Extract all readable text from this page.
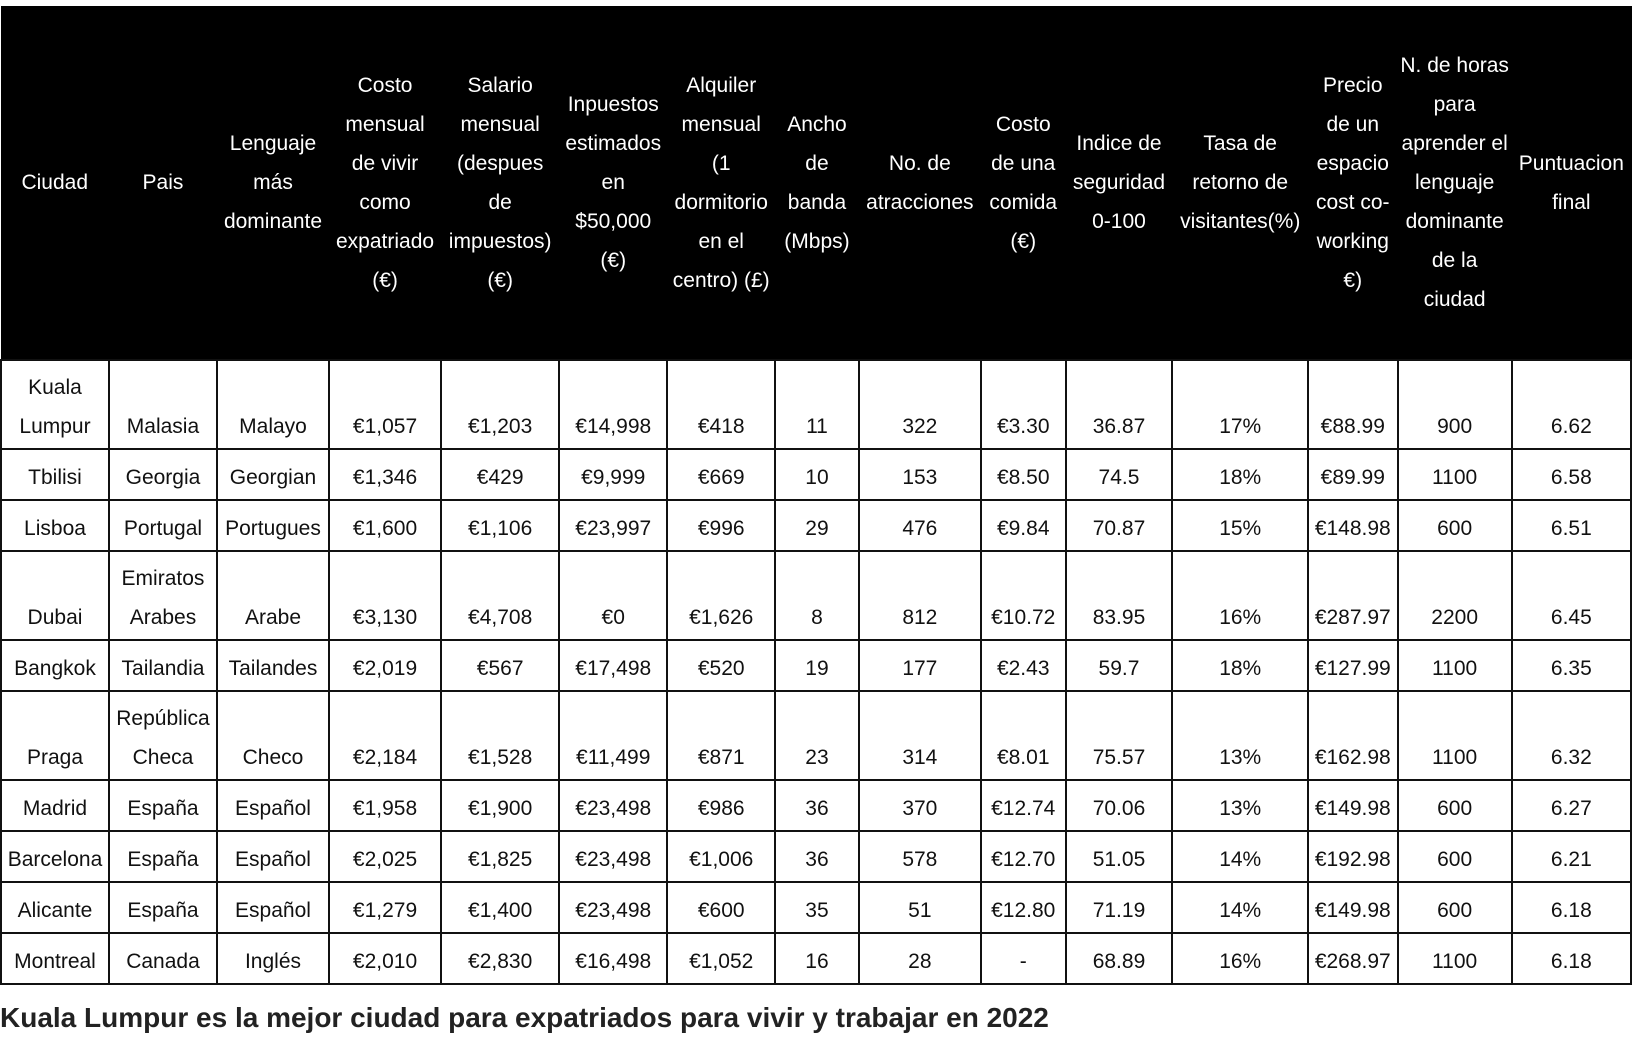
Ciudad	Pais	Lenguaje más dominante	Costo mensual de vivir como expatriado (€)	Salario mensual (despues de impuestos) (€)	Inpuestos estimados en $50,000 (€)	Alquiler mensual (1 dormitorio en el centro) (£)	Ancho de banda (Mbps)	No. de atracciones	Costo de una comida (€)	Indice de seguridad 0-100	Tasa de retorno de visitantes(%)	Precio de un espacio cost co-working €)	N. de horas para aprender el lenguaje dominante de la ciudad	Puntuacion final
Kuala Lumpur	Malasia	Malayo	€1,057	€1,203	€14,998	€418	11	322	€3.30	36.87	17%	€88.99	900	6.62
Tbilisi	Georgia	Georgian	€1,346	€429	€9,999	€669	10	153	€8.50	74.5	18%	€89.99	1100	6.58
Lisboa	Portugal	Portugues	€1,600	€1,106	€23,997	€996	29	476	€9.84	70.87	15%	€148.98	600	6.51
Dubai	Emiratos Arabes	Arabe	€3,130	€4,708	€0	€1,626	8	812	€10.72	83.95	16%	€287.97	2200	6.45
Bangkok	Tailandia	Tailandes	€2,019	€567	€17,498	€520	19	177	€2.43	59.7	18%	€127.99	1100	6.35
Praga	República Checa	Checo	€2,184	€1,528	€11,499	€871	23	314	€8.01	75.57	13%	€162.98	1100	6.32
Madrid	España	Español	€1,958	€1,900	€23,498	€986	36	370	€12.74	70.06	13%	€149.98	600	6.27
Barcelona	España	Español	€2,025	€1,825	€23,498	€1,006	36	578	€12.70	51.05	14%	€192.98	600	6.21
Alicante	España	Español	€1,279	€1,400	€23,498	€600	35	51	€12.80	71.19	14%	€149.98	600	6.18
Montreal	Canada	Inglés	€2,010	€2,830	€16,498	€1,052	16	28	-	68.89	16%	€268.97	1100	6.18
Kuala Lumpur es la mejor ciudad para expatriados para vivir y trabajar en 2022
